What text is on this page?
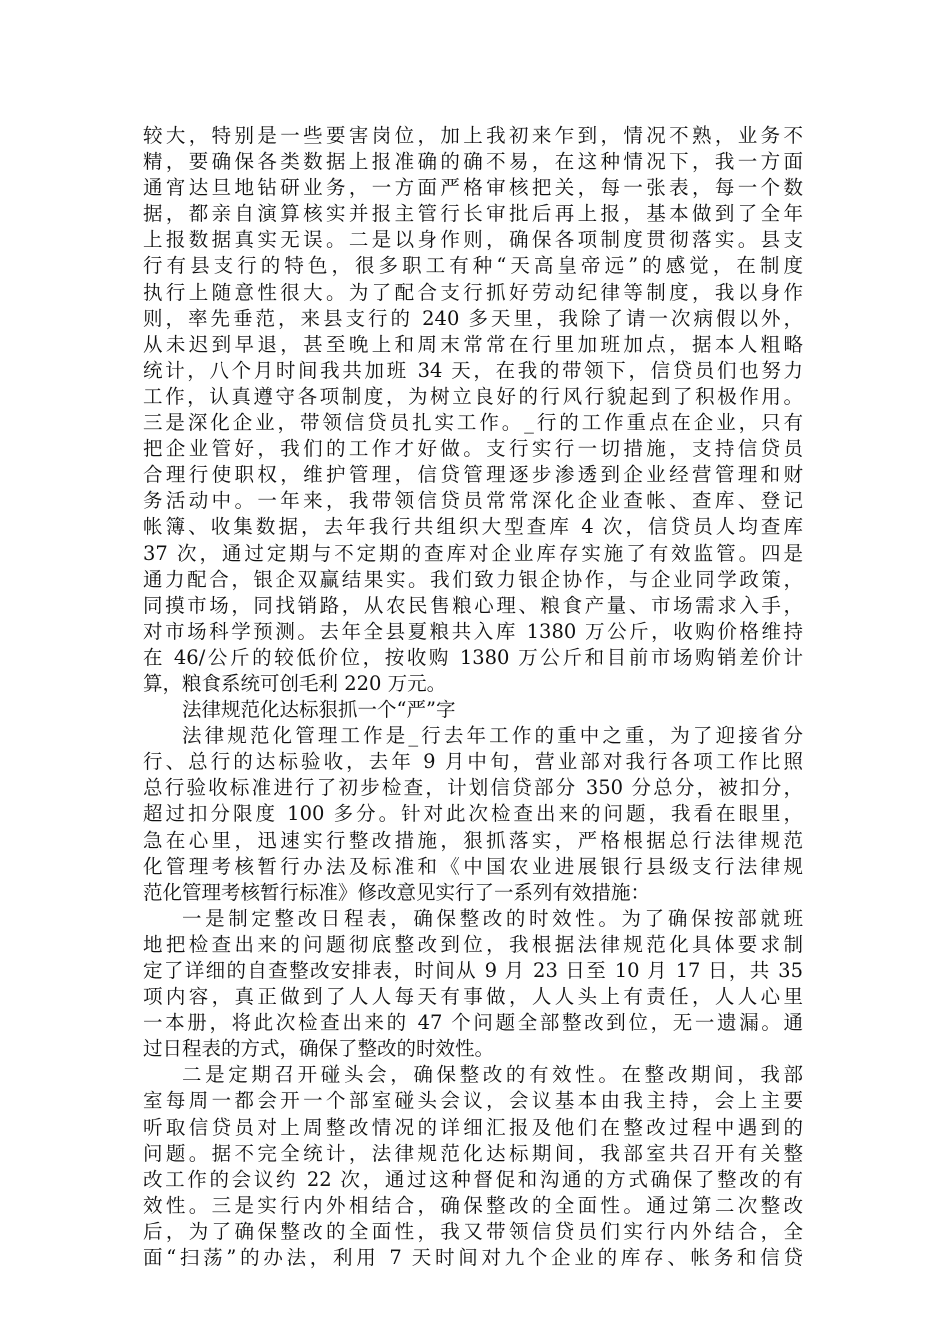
较大，特别是一些要害岗位，加上我初来乍到，情况不熟，业务不
精，要确保各类数据上报准确的确不易，在这种情况下，我一方面
通宵达旦地钻研业务，一方面严格审核把关，每一张表，每一个数
据，都亲自演算核实并报主管行长审批后再上报，基本做到了全年
上报数据真实无误。二是以身作则，确保各项制度贯彻落实。县支
行有县支行的特色，很多职工有种“天高皇帝远”的感觉，在制度
执行上随意性很大。为了配合支行抓好劳动纪律等制度，我以身作
则，率先垂范，来县支行的 240 多天里，我除了请一次病假以外，
从未迟到早退，甚至晚上和周末常常在行里加班加点，据本人粗略
统计，八个月时间我共加班 34 天，在我的带领下，信贷员们也努力
工作，认真遵守各项制度，为树立良好的行风行貌起到了积极作用。
三是深化企业，带领信贷员扎实工作。_行的工作重点在企业，只有
把企业管好，我们的工作才好做。支行实行一切措施，支持信贷员
合理行使职权，维护管理，信贷管理逐步渗透到企业经营管理和财
务活动中。一年来，我带领信贷员常常深化企业查帐、查库、登记
帐簿、收集数据，去年我行共组织大型查库 4 次，信贷员人均查库
37 次，通过定期与不定期的查库对企业库存实施了有效监管。四是
通力配合，银企双赢结果实。我们致力银企协作，与企业同学政策，
同摸市场，同找销路，从农民售粮心理、粮食产量、市场需求入手，
对市场科学预测。去年全县夏粮共入库 1380 万公斤，收购价格维持
在 46/公斤的较低价位，按收购 1380 万公斤和目前市场购销差价计
算，粮食系统可创毛利 220 万元。
法律规范化达标狠抓一个“严”字
法律规范化管理工作是_行去年工作的重中之重，为了迎接省分
行、总行的达标验收，去年 9 月中旬，营业部对我行各项工作比照
总行验收标准进行了初步检查，计划信贷部分 350 分总分，被扣分，
超过扣分限度 100 多分。针对此次检查出来的问题，我看在眼里，
急在心里，迅速实行整改措施，狠抓落实，严格根据总行法律规范
化管理考核暂行办法及标准和《中国农业进展银行县级支行法律规
范化管理考核暂行标准》修改意见实行了一系列有效措施：
一是制定整改日程表，确保整改的时效性。为了确保按部就班
地把检查出来的问题彻底整改到位，我根据法律规范化具体要求制
定了详细的自查整改安排表，时间从 9 月 23 日至 10 月 17 日，共 35
项内容，真正做到了人人每天有事做，人人头上有责任，人人心里
一本册，将此次检查出来的 47 个问题全部整改到位，无一遗漏。通
过日程表的方式，确保了整改的时效性。
二是定期召开碰头会，确保整改的有效性。在整改期间，我部
室每周一都会开一个部室碰头会议，会议基本由我主持，会上主要
听取信贷员对上周整改情况的详细汇报及他们在整改过程中遇到的
问题。据不完全统计，法律规范化达标期间，我部室共召开有关整
改工作的会议约 22 次，通过这种督促和沟通的方式确保了整改的有
效性。三是实行内外相结合，确保整改的全面性。通过第二次整改
后，为了确保整改的全面性，我又带领信贷员们实行内外结合，全
面“扫荡”的办法，利用 7 天时间对九个企业的库存、帐务和信贷
